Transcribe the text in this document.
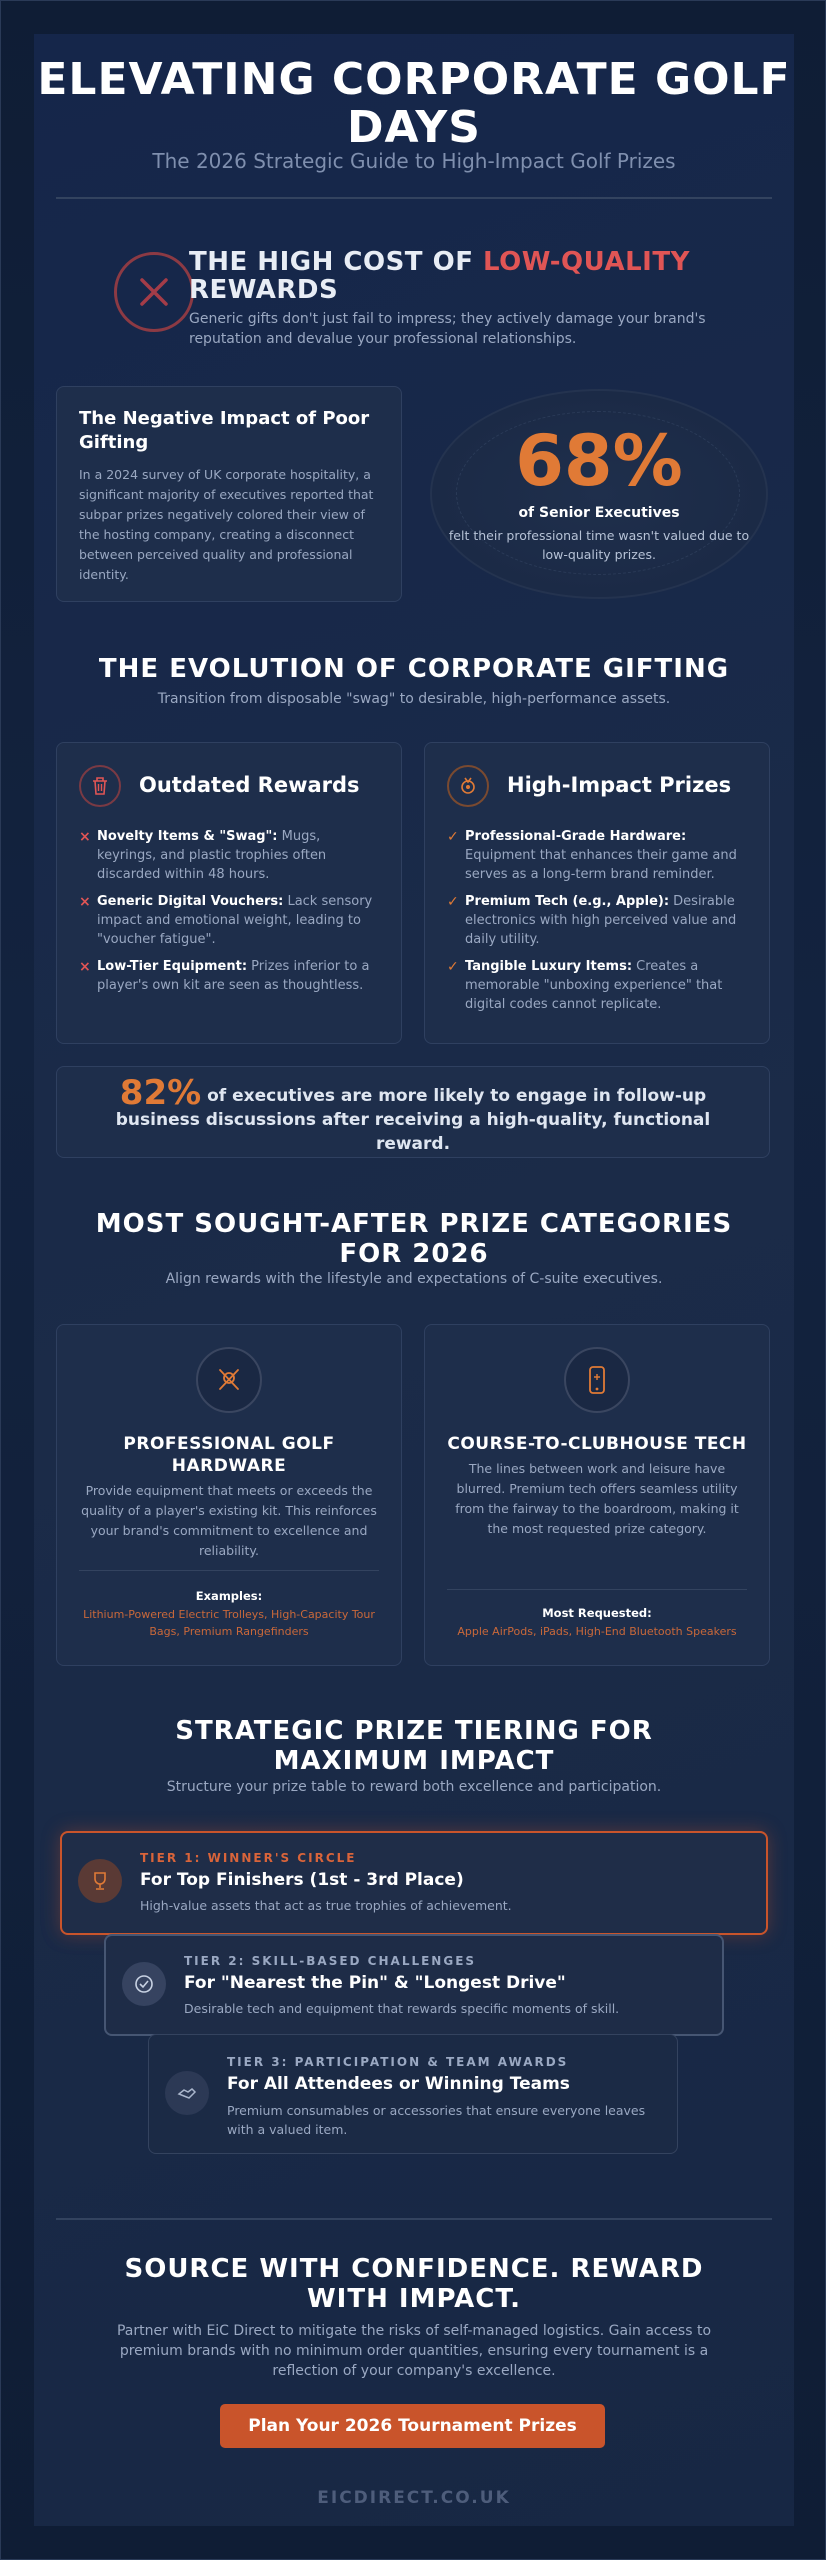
ELEVATING CORPORATE GOLF DAYS

The 2026 Strategic Guide to High-Impact Golf Prizes

THE HIGH COST OF LOW-QUALITY
REWARDS

Generic gifts don't just fail to impress; they actively damage your brand's reputation and devalue your professional relationships.

The Negative Impact of Poor Gifting

In a 2024 survey of UK corporate hospitality, a significant majority of executives reported that subpar prizes negatively colored their view of the hosting company, creating a disconnect between perceived quality and professional identity.

68%
of Senior Executives
felt their professional time wasn't valued due to low-quality prizes.
THE EVOLUTION OF CORPORATE GIFTING

Transition from disposable "swag" to desirable, high-performance assets.

Outdated Rewards
× Novelty Items & "Swag": Mugs, keyrings, and plastic trophies often discarded within 48 hours.

× Generic Digital Vouchers: Lack sensory impact and emotional weight, leading to "voucher fatigue".

× Low-Tier Equipment: Prizes inferior to a player's own kit are seen as thoughtless.

High-Impact Prizes
✓ Professional-Grade Hardware: Equipment that enhances their game and serves as a long-term brand reminder.

✓ Premium Tech (e.g., Apple): Desirable electronics with high perceived value and daily utility.

✓ Tangible Luxury Items: Creates a memorable "unboxing experience" that digital codes cannot replicate.

82% of executives are more likely to engage in follow-up business discussions after receiving a high-quality, functional reward.

MOST SOUGHT-AFTER PRIZE CATEGORIES FOR 2026

Align rewards with the lifestyle and expectations of C-suite executives.

PROFESSIONAL GOLF HARDWARE

Provide equipment that meets or exceeds the quality of a player's existing kit. This reinforces your brand's commitment to excellence and reliability.

Examples:

Lithium-Powered Electric Trolleys, High-Capacity Tour Bags, Premium Rangefinders

COURSE-TO-CLUBHOUSE TECH

The lines between work and leisure have blurred. Premium tech offers seamless utility from the fairway to the boardroom, making it the most requested prize category.

Most Requested:

Apple AirPods, iPads, High-End Bluetooth Speakers

STRATEGIC PRIZE TIERING FOR MAXIMUM IMPACT

Structure your prize table to reward both excellence and participation.

TIER 1: WINNER'S CIRCLE

For Top Finishers (1st - 3rd Place)

High-value assets that act as true trophies of achievement.

TIER 2: SKILL-BASED CHALLENGES

For "Nearest the Pin" & "Longest Drive"

Desirable tech and equipment that rewards specific moments of skill.

TIER 3: PARTICIPATION & TEAM AWARDS

For All Attendees or Winning Teams

Premium consumables or accessories that ensure everyone leaves with a valued item.

SOURCE WITH CONFIDENCE. REWARD WITH IMPACT.

Partner with EiC Direct to mitigate the risks of self-managed logistics. Gain access to premium brands with no minimum order quantities, ensuring every tournament is a reflection of your company's excellence.

Plan Your 2026 Tournament Prizes

EICDIRECT.CO.UK
